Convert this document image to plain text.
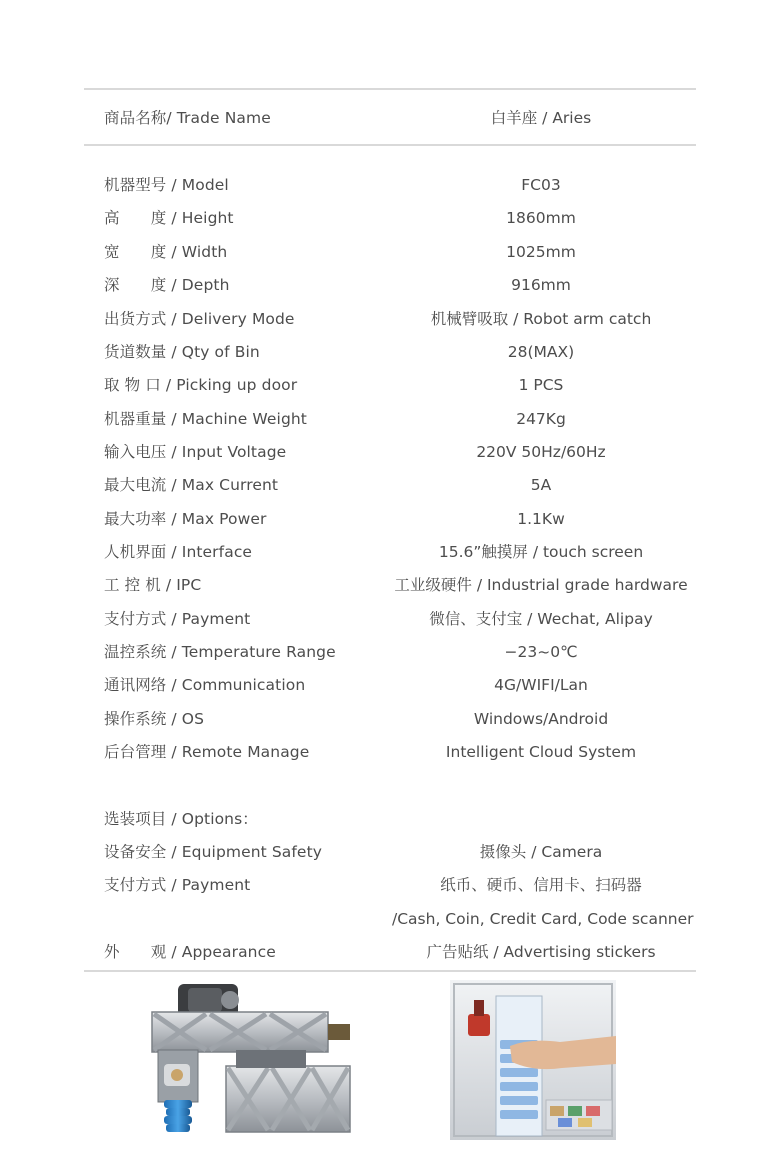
商品名称/ Trade Name	白羊座 / Aries
机器型号 / Model	FC03
高　　度 / Height	1860mm
宽　　度 / Width	1025mm
深　　度 / Depth	916mm
出货方式 / Delivery Mode	机械臂吸取 / Robot arm catch
货道数量 / Qty of Bin	28(MAX)
取 物 口 / Picking up door	1 PCS
机器重量 / Machine Weight	247Kg
输入电压 / Input Voltage	220V 50Hz/60Hz
最大电流 / Max Current	5A
最大功率 / Max Power	1.1Kw
人机界面 / Interface	15.6”触摸屏 / touch screen
工 控 机 / IPC	工业级硬件 / Industrial grade hardware
支付方式 / Payment	微信、支付宝 / Wechat, Alipay
温控系统 / Temperature Range	−23~0℃
通讯网络 / Communication	4G/WIFI/Lan
操作系统 / OS	Windows/Android
后台管理 / Remote Manage	Intelligent Cloud System
选装项目 / Options：
设备安全 / Equipment Safety	摄像头 / Camera
支付方式 / Payment	纸币、硬币、信用卡、扫码器
/Cash, Coin, Credit Card, Code scanner
外　　观 / Appearance	广告贴纸 / Advertising stickers
